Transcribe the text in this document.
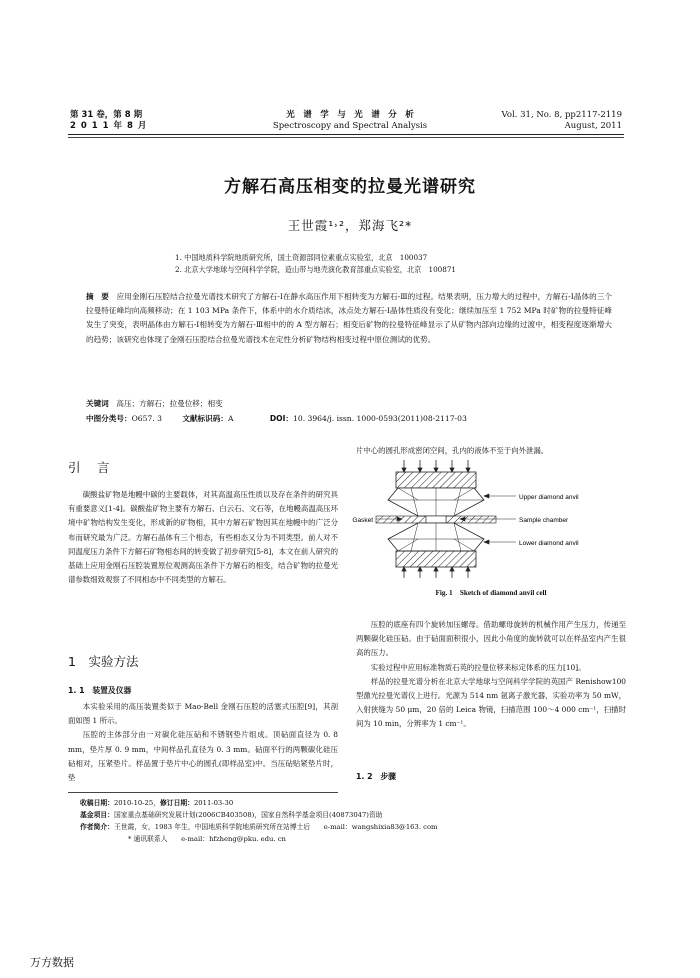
第 31 卷，第 8 期
2 0 1 1 年 8 月
光　谱　学　与　光　谱　分　析
Spectroscopy and Spectral Analysis
Vol. 31, No. 8, pp2117-2119
August, 2011
方解石高压相变的拉曼光谱研究
王世霞¹˒²，郑海飞²*
1. 中国地质科学院地质研究所，国土资源部同位素重点实验室，北京　100037
2. 北京大学地球与空间科学学院，造山带与地壳演化教育部重点实验室，北京　100871
摘　要　 应用金刚石压腔结合拉曼光谱技术研究了方解石-Ⅰ在静水高压作用下相转变为方解石-Ⅲ的过程。结果表明，压力增大的过程中，方解石-Ⅰ晶体的三个拉曼特征峰均向高频移动；在 1 103 MPa 条件下，体系中的水介质结冰，冰点处方解石-Ⅰ晶体性质没有变化；继续加压至 1 752 MPa 时矿物的拉曼特征峰发生了突变，表明晶体由方解石-Ⅰ相转变为方解石-Ⅲ相中的的 A 型方解石；相变后矿物的拉曼特征峰显示了从矿物内部向边缘的过渡中，相变程度逐渐增大的趋势；该研究也体现了金刚石压腔结合拉曼光谱技术在定性分析矿物结构相变过程中原位测试的优势。
关键词　 高压；方解石；拉曼位移；相变
中图分类号：O657. 3	文献标识码：A	DOI：10. 3964/j. issn. 1000-0593(2011)08-2117-03
引　言

碳酸盐矿物是地幔中碳的主要载体，对其高温高压性质以及存在条件的研究具有重要意义[1-4]。碳酸盐矿物主要有方解石、白云石、文石等，在地幔高温高压环境中矿物结构发生变化，形成新的矿物相，其中方解石矿物因其在地幔中的广泛分布而研究最为广泛。方解石晶体有三个相态，有些相态又分为不同类型。前人对不同温度压力条件下方解石矿物相态间的转变做了初步研究[5-8]，本文在前人研究的基础上应用金刚石压腔装置原位观测高压条件下方解石的相变，结合矿物的拉曼光谱参数细致观察了不同相态中不同类型的方解石。

1　实验方法
1. 1　装置及仪器

本实验采用的高压装置类似于 Mao-Bell 金刚石压腔的活塞式压腔[9]，其剖面如图 1 所示。

压腔的主体部分由一对碳化硅压砧和不锈钢垫片组成。顶砧面直径为 0. 8 mm，垫片厚 0. 9 mm，中间样品孔直径为 0. 3 mm。砧面平行的两颗碳化硅压砧相对，压紧垫片。样品置于垫片中心的圆孔(即样品室)中。当压砧贴紧垫片时，垫

片中心的圆孔形成密闭空间，孔内的液体不至于向外泄漏。
Upper diamond anvil
Sample chamber
Lower diamond anvil
Gasket
Fig. 1　 Sketch of diamond anvil cell

压腔的底座有四个旋转加压螺母。借助螺母旋转的机械作用产生压力，传递至两颗碳化硅压砧。由于砧面面积很小，因此小角度的旋转就可以在样品室内产生很高的压力。

实验过程中应用标准物质石英的拉曼位移来标定体系的压力[10]。

样品的拉曼光谱分析在北京大学地球与空间科学学院的英国产 Renishow100 型激光拉曼光谱仪上进行。光源为 514 nm 氩离子激光器，实验功率为 50 mW，入射狭缝为 50 μm，20 倍的 Leica 物镜，扫描范围 100～4 000 cm⁻¹，扫描时间为 10 min，分辨率为 1 cm⁻¹。

1. 2　步骤
收稿日期：2010-10-25，修订日期：2011-03-30
基金项目：国家重点基础研究发展计划(2006CB403508)，国家自然科学基金项目(40873047)资助
作者简介：王世霞，女，1983 年生，中国地质科学院地质研究所在站博士后　　e-mail：wangshixia83@163. com
* 通讯联系人　　e-mail：hfzheng@pku. edu. cn
万方数据
